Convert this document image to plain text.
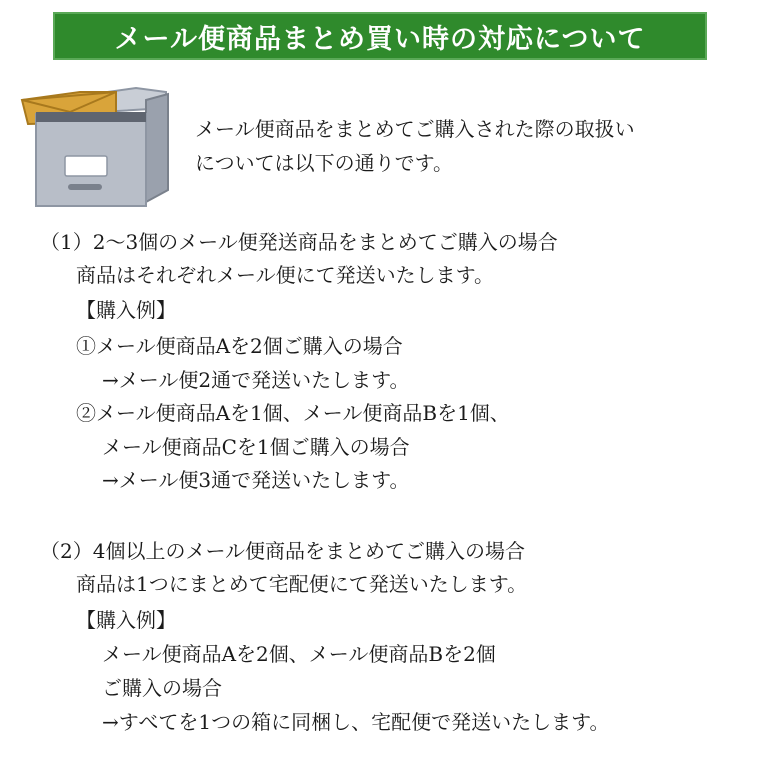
メール便商品まとめ買い時の対応について
メール便商品をまとめてご購入された際の取扱い
については以下の通りです。
（1）2～3個のメール便発送商品をまとめてご購入の場合
商品はそれぞれメール便にて発送いたします。
【購入例】
①メール便商品Aを2個ご購入の場合
→メール便2通で発送いたします。
②メール便商品Aを1個、メール便商品Bを1個、
メール便商品Cを1個ご購入の場合
→メール便3通で発送いたします。
（2）4個以上のメール便商品をまとめてご購入の場合
商品は1つにまとめて宅配便にて発送いたします。
【購入例】
メール便商品Aを2個、メール便商品Bを2個
ご購入の場合
→すべてを1つの箱に同梱し、宅配便で発送いたします。
